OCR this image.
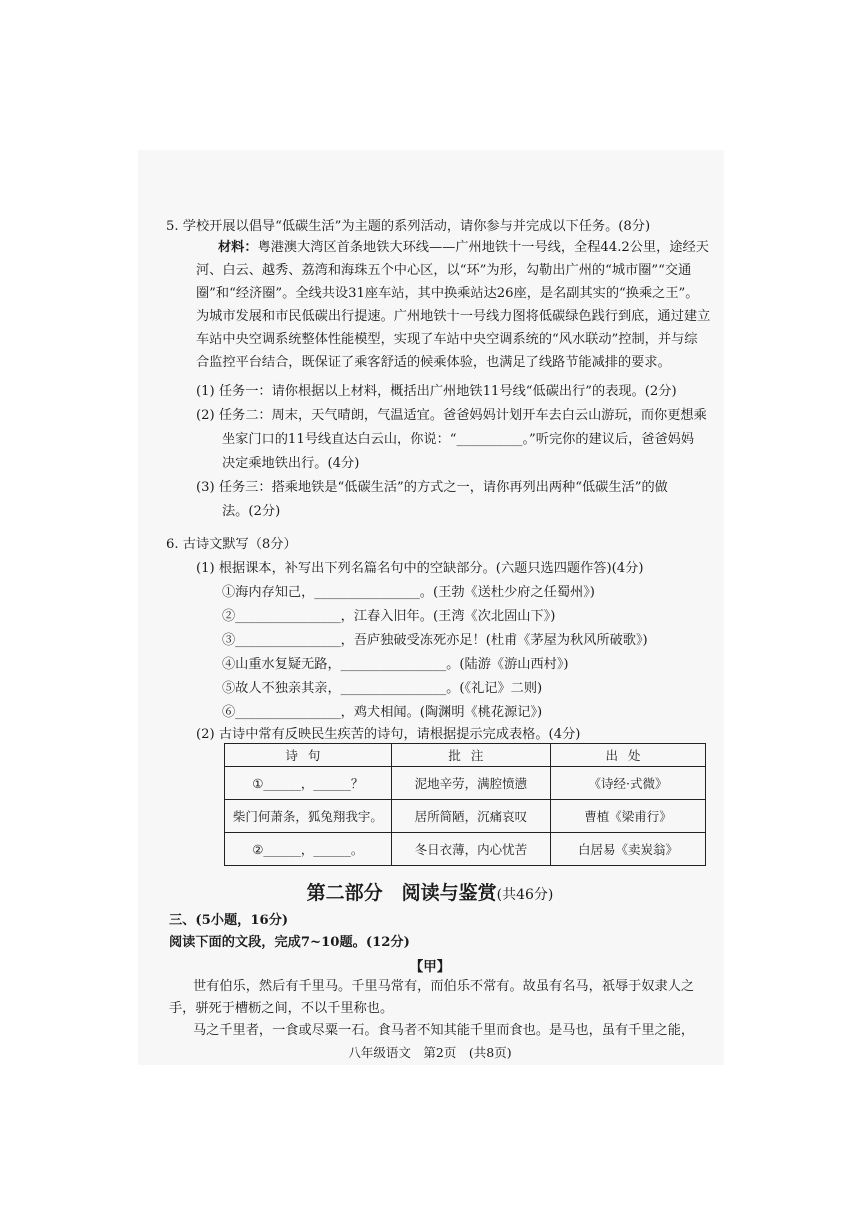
5. 学校开展以倡导“低碳生活”为主题的系列活动，请你参与并完成以下任务。(8分)
材料：粤港澳大湾区首条地铁大环线——广州地铁十一号线，全程44.2公里，途经天
河、白云、越秀、荔湾和海珠五个中心区，以“环”为形，勾勒出广州的“城市圈”“交通
圈”和“经济圈”。全线共设31座车站，其中换乘站达26座，是名副其实的“换乘之王”。
为城市发展和市民低碳出行提速。广州地铁十一号线力图将低碳绿色践行到底，通过建立
车站中央空调系统整体性能模型，实现了车站中央空调系统的“风水联动”控制，并与综
合监控平台结合，既保证了乘客舒适的候乘体验，也满足了线路节能减排的要求。
(1) 任务一：请你根据以上材料，概括出广州地铁11号线“低碳出行”的表现。(2分)
(2) 任务二：周末，天气晴朗，气温适宜。爸爸妈妈计划开车去白云山游玩，而你更想乘
坐家门口的11号线直达白云山，你说：“__________。”听完你的建议后，爸爸妈妈
决定乘地铁出行。(4分)
(3) 任务三：搭乘地铁是“低碳生活”的方式之一，请你再列出两种“低碳生活”的做
法。(2分)
6. 古诗文默写（8分）
(1) 根据课本，补写出下列名篇名句中的空缺部分。(六题只选四题作答)(4分)
①海内存知己，________________。(王勃《送杜少府之任蜀州》)
②________________，江春入旧年。(王湾《次北固山下》)
③________________，吾庐独破受冻死亦足！(杜甫《茅屋为秋风所破歌》)
④山重水复疑无路，________________。(陆游《游山西村》)
⑤故人不独亲其亲，________________。(《礼记》二则)
⑥________________，鸡犬相闻。(陶渊明《桃花源记》)
(2) 古诗中常有反映民生疾苦的诗句，请根据提示完成表格。(4分)
诗句	批注	出处
①______，______？	泥地辛劳，满腔愤懑	《诗经·式微》
柴门何萧条，狐兔翔我宇。	居所简陋，沉痛哀叹	曹植《梁甫行》
②______，______。	冬日衣薄，内心忧苦	白居易《卖炭翁》
第二部分　阅读与鉴赏(共46分)
三、(5小题，16分)
阅读下面的文段，完成7~10题。(12分)
【甲】
世有伯乐，然后有千里马。千里马常有，而伯乐不常有。故虽有名马，祇辱于奴隶人之
手，骈死于槽枥之间，不以千里称也。
马之千里者，一食或尽粟一石。食马者不知其能千里而食也。是马也，虽有千里之能，
八年级语文　第2页　(共8页)
